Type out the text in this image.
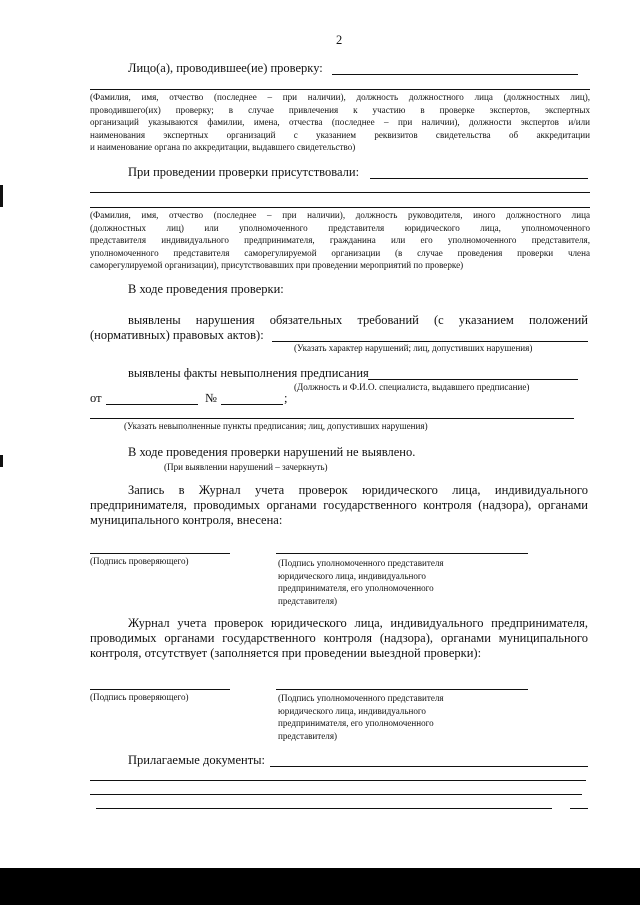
2
Лицо(а), проводившее(ие) проверку:
(Фамилия, имя, отчество (последнее – при наличии), должность должностного лица (должностных лиц),
проводившего(их) проверку; в случае привлечения к участию в проверке экспертов, экспертных
организаций указываются фамилии, имена, отчества (последнее – при наличии), должности экспертов и/или
наименования экспертных организаций с указанием реквизитов свидетельства об аккредитации
и наименование органа по аккредитации, выдавшего свидетельство)
При проведении проверки присутствовали:
(Фамилия, имя, отчество (последнее – при наличии), должность руководителя, иного должностного лица
(должностных лиц) или уполномоченного представителя юридического лица, уполномоченного
представителя индивидуального предпринимателя, гражданина или его уполномоченного представителя,
уполномоченного представителя саморегулируемой организации (в случае проведения проверки члена
саморегулируемой организации), присутствовавших при проведении мероприятий по проверке)
В ходе проведения проверки:
выявлены нарушения обязательных требований (с указанием положений
(нормативных) правовых актов):
(Указать характер нарушений; лиц, допустивших нарушения)
выявлены факты невыполнения предписания
(Должность и Ф.И.О. специалиста, выдавшего предписание)
от	№	;
(Указать невыполненные пункты предписания; лиц, допустивших нарушения)
В ходе проведения проверки нарушений не выявлено.
(При выявлении нарушений – зачеркнуть)
Запись в Журнал учета проверок юридического лица, индивидуального
предпринимателя, проводимых органами государственного контроля (надзора), органами
муниципального контроля, внесена:
(Подпись проверяющего)	(Подпись уполномоченного представителя
юридического лица, индивидуального
предпринимателя, его уполномоченного
представителя)
Журнал учета проверок юридического лица, индивидуального предпринимателя,
проводимых органами государственного контроля (надзора), органами муниципального
контроля, отсутствует (заполняется при проведении выездной проверки):
(Подпись проверяющего)	(Подпись уполномоченного представителя
юридического лица, индивидуального
предпринимателя, его уполномоченного
представителя)
Прилагаемые документы:
